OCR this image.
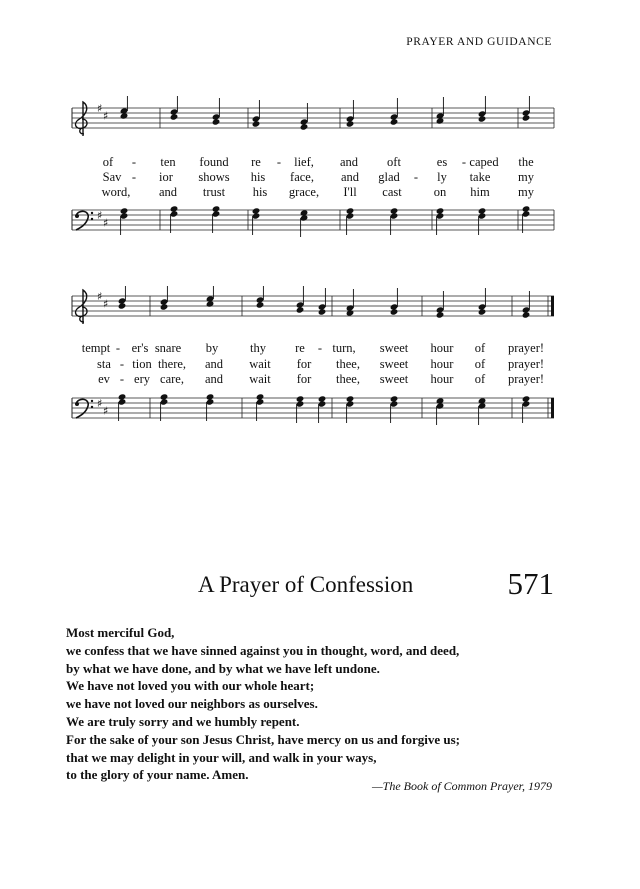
PRAYER AND GUIDANCE
♯
♯
♯
♯
of - ten found re - lief, and oft	es - caped the
Sav - ior shows his face, and glad - ly take my
word, and trust his grace, I'll cast	on him my
♯
♯
♯
♯
tempt - er's snare by	thy re - turn, sweet hour of prayer!
sta - tion there, and wait for thee, sweet hour of prayer!
ev - ery care, and wait for thee, sweet hour of prayer!
A Prayer of Confession	571
Most merciful God,
we confess that we have sinned against you in thought, word, and deed,
by what we have done, and by what we have left undone.
We have not loved you with our whole heart;
we have not loved our neighbors as ourselves.
We are truly sorry and we humbly repent.
For the sake of your son Jesus Christ, have mercy on us and forgive us;
that we may delight in your will, and walk in your ways,
to the glory of your name. Amen.
—The Book of Common Prayer, 1979
